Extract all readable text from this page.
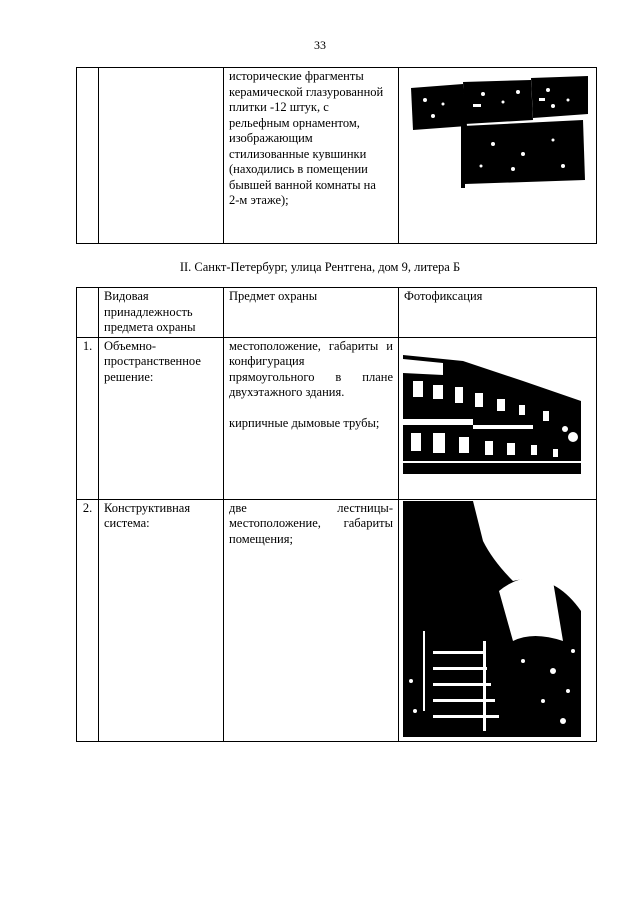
33

исторические фрагменты
керамической глазурованной
плитки -12 штук, с
рельефным орнаментом,
изображающим
стилизованные кувшинки
(находились в помещении
бывшей ванной комнаты на
2-м этаже);

II. Санкт-Петербург, улица Рентгена, дом 9, литера Б
	Видовая принадлежность предмета охраны	Предмет охраны	Фотофиксация
1.	Объемно-пространственное решение:	местоположение, габариты и конфигурация прямоугольного в плане двухэтажного здания.
кирпичные дымовые трубы;

2.	Конструктивная система:	две лестницы- местоположение, габариты помещения;	
